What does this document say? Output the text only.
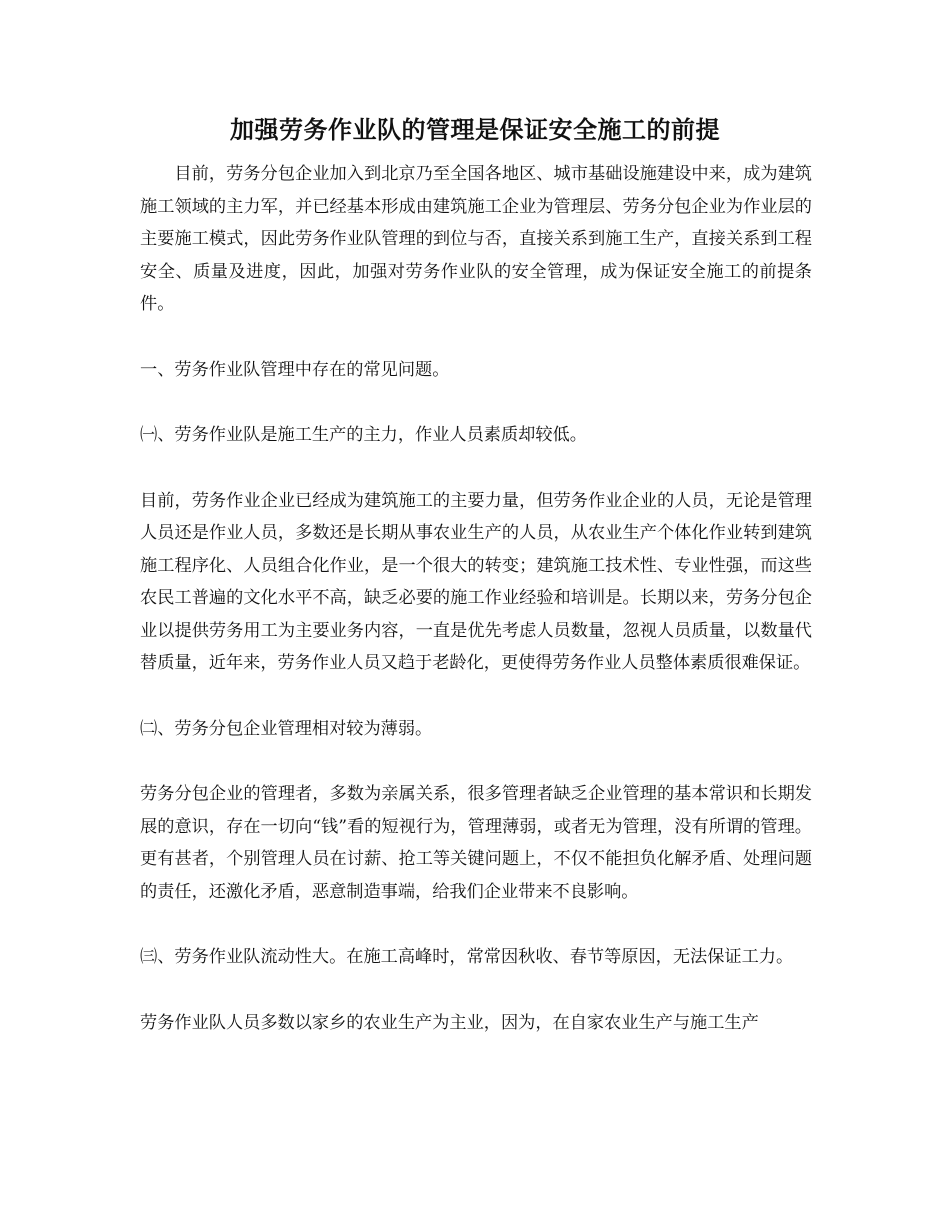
加强劳务作业队的管理是保证安全施工的前提

目前，劳务分包企业加入到北京乃至全国各地区、城市基础设施建设中来，成为建筑施工领域的主力军，并已经基本形成由建筑施工企业为管理层、劳务分包企业为作业层的主要施工模式，因此劳务作业队管理的到位与否，直接关系到施工生产，直接关系到工程安全、质量及进度，因此，加强对劳务作业队的安全管理，成为保证安全施工的前提条件。

一、劳务作业队管理中存在的常见问题。

㈠、劳务作业队是施工生产的主力，作业人员素质却较低。

目前，劳务作业企业已经成为建筑施工的主要力量，但劳务作业企业的人员，无论是管理人员还是作业人员，多数还是长期从事农业生产的人员，从农业生产个体化作业转到建筑施工程序化、人员组合化作业，是一个很大的转变；建筑施工技术性、专业性强，而这些农民工普遍的文化水平不高，缺乏必要的施工作业经验和培训是。长期以来，劳务分包企业以提供劳务用工为主要业务内容，一直是优先考虑人员数量，忽视人员质量，以数量代替质量，近年来，劳务作业人员又趋于老龄化，更使得劳务作业人员整体素质很难保证。

㈡、劳务分包企业管理相对较为薄弱。

劳务分包企业的管理者，多数为亲属关系，很多管理者缺乏企业管理的基本常识和长期发展的意识，存在一切向“钱”看的短视行为，管理薄弱，或者无为管理，没有所谓的管理。更有甚者，个别管理人员在讨薪、抢工等关键问题上，不仅不能担负化解矛盾、处理问题的责任，还激化矛盾，恶意制造事端，给我们企业带来不良影响。

㈢、劳务作业队流动性大。在施工高峰时，常常因秋收、春节等原因，无法保证工力。

劳务作业队人员多数以家乡的农业生产为主业，因为，在自家农业生产与施工生产
